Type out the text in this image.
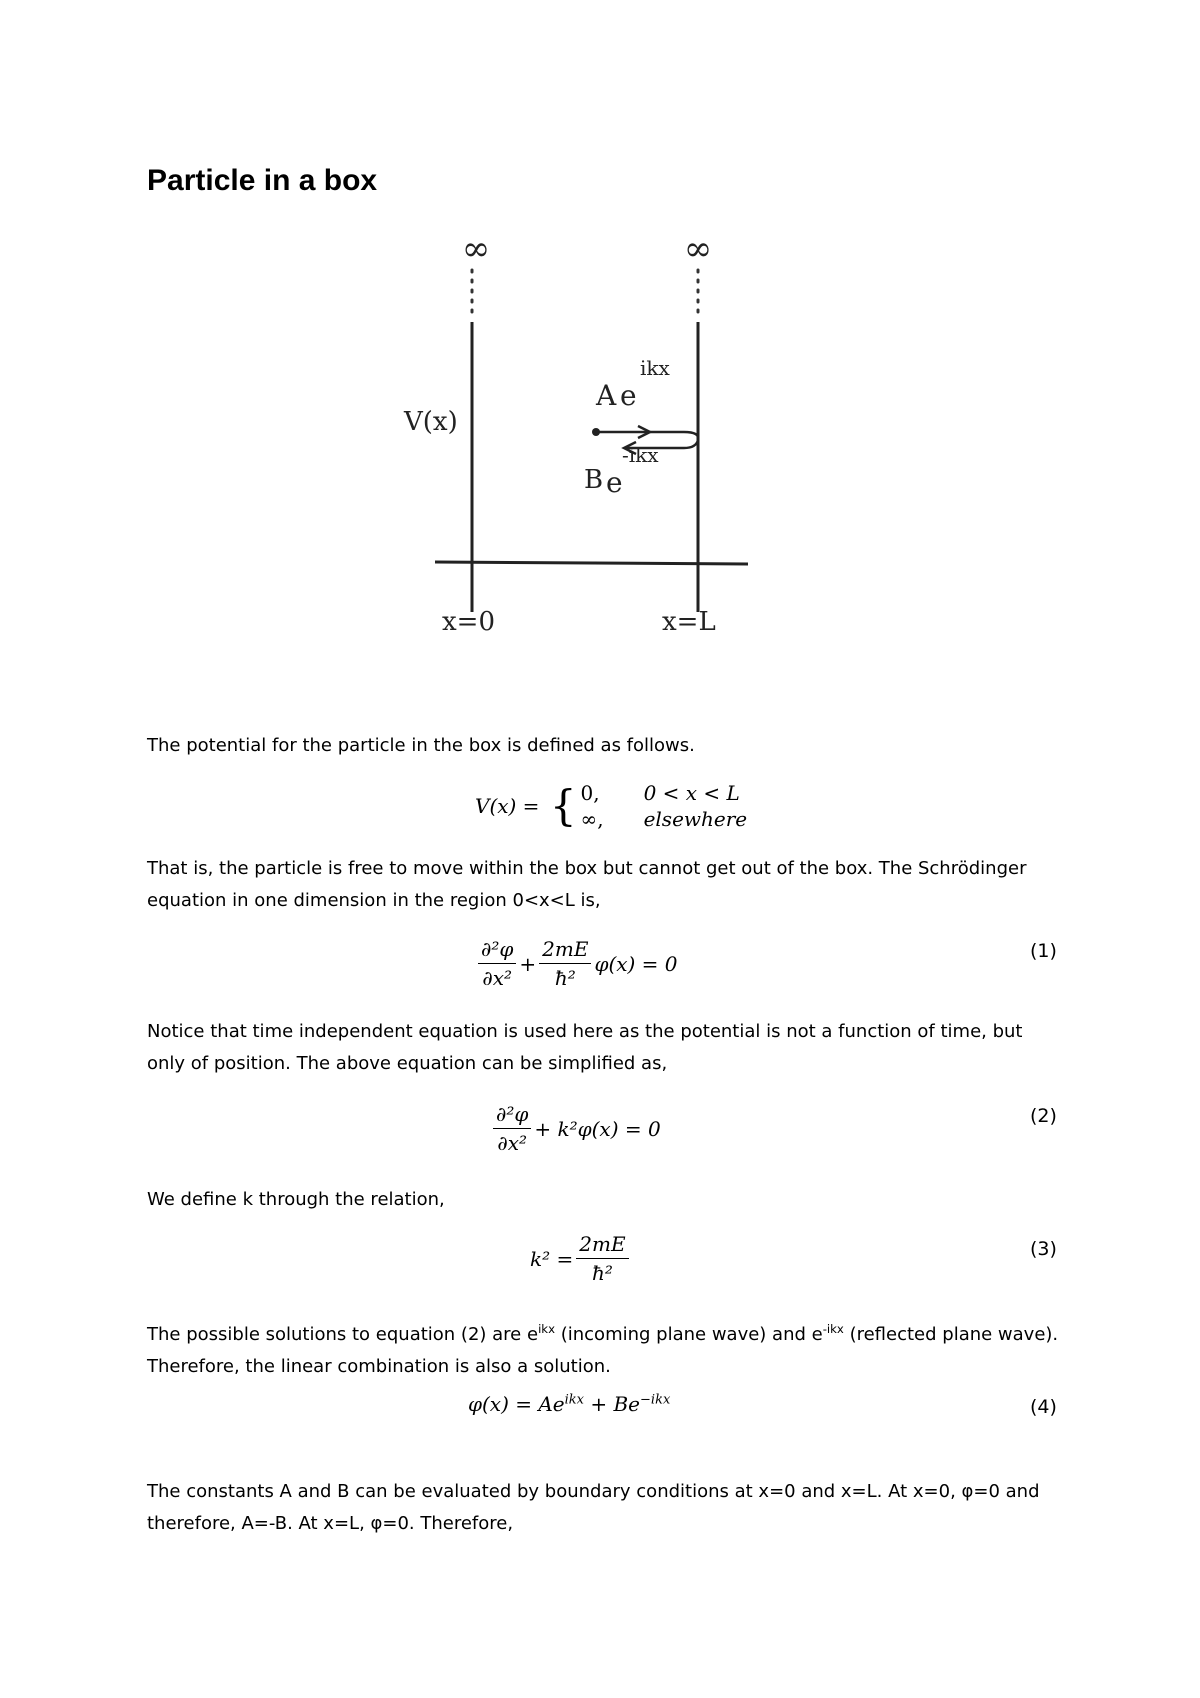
Particle in a box
∞	∞
V(x)
A e
ikx
B e
-ikx
x=0	x=L
The potential for the particle in the box is defined as follows.
V(x) = { 0, 0 < x < L
∞, elsewhere
That is, the particle is free to move within the box but cannot get out of the box. The Schrödinger
equation in one dimension in the region 0<x<L is,
$\frac{\text{∂²φ}}{\text{∂x²}} + \frac{2mE}{\text{ħ²}} \varphi(x) = 0$
(1)
Notice that time independent equation is used here as the potential is not a function of time, but
only of position. The above equation can be simplified as,
$\frac{\text{∂²φ}}{\text{∂x²}} + k^2\varphi(x) = 0$
(2)
We define k through the relation,
$k^2 = \frac{2mE}{\text{ħ²}}$	(3)
The possible solutions to equation (2) are $e^{ikx}$ (incoming plane wave) and $e^{-ikx}$ (reflected plane wave).
Therefore, the linear combination is also a solution.
$\varphi(x) = Ae^{ikx} + Be^{-ikx}$	(4)
The constants A and B can be evaluated by boundary conditions at x=0 and x=L. At x=0, φ=0 and
therefore, A=-B. At x=L, φ=0. Therefore,
